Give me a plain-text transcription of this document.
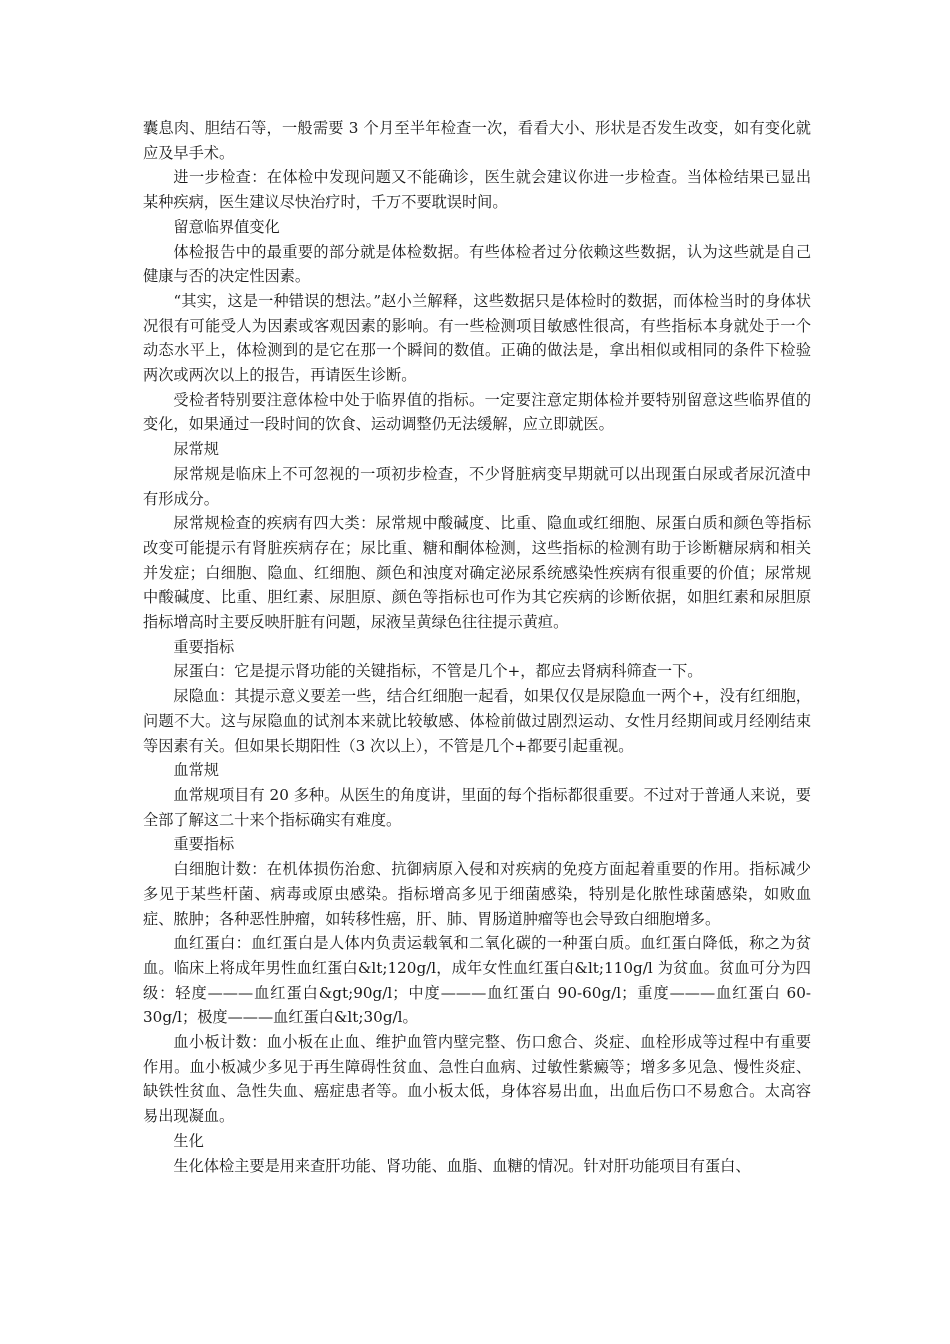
囊息肉、胆结石等，一般需要 3 个月至半年检查一次，看看大小、形状是否发生改变，如有变化就应及早手术。

进一步检查：在体检中发现问题又不能确诊，医生就会建议你进一步检查。当体检结果已显出某种疾病，医生建议尽快治疗时，千万不要耽误时间。

留意临界值变化

体检报告中的最重要的部分就是体检数据。有些体检者过分依赖这些数据，认为这些就是自己健康与否的决定性因素。

“其实，这是一种错误的想法。”赵小兰解释，这些数据只是体检时的数据，而体检当时的身体状况很有可能受人为因素或客观因素的影响。有一些检测项目敏感性很高，有些指标本身就处于一个动态水平上，体检测到的是它在那一个瞬间的数值。正确的做法是，拿出相似或相同的条件下检验两次或两次以上的报告，再请医生诊断。

受检者特别要注意体检中处于临界值的指标。一定要注意定期体检并要特别留意这些临界值的变化，如果通过一段时间的饮食、运动调整仍无法缓解，应立即就医。

尿常规

尿常规是临床上不可忽视的一项初步检查，不少肾脏病变早期就可以出现蛋白尿或者尿沉渣中有形成分。

尿常规检查的疾病有四大类：尿常规中酸碱度、比重、隐血或红细胞、尿蛋白质和颜色等指标改变可能提示有肾脏疾病存在；尿比重、糖和酮体检测，这些指标的检测有助于诊断糖尿病和相关并发症；白细胞、隐血、红细胞、颜色和浊度对确定泌尿系统感染性疾病有很重要的价值；尿常规中酸碱度、比重、胆红素、尿胆原、颜色等指标也可作为其它疾病的诊断依据，如胆红素和尿胆原指标增高时主要反映肝脏有问题，尿液呈黄绿色往往提示黄疸。

重要指标

尿蛋白：它是提示肾功能的关键指标，不管是几个+，都应去肾病科筛查一下。

尿隐血：其提示意义要差一些，结合红细胞一起看，如果仅仅是尿隐血一两个+，没有红细胞，问题不大。这与尿隐血的试剂本来就比较敏感、体检前做过剧烈运动、女性月经期间或月经刚结束等因素有关。但如果长期阳性（3 次以上），不管是几个+都要引起重视。

血常规

血常规项目有 20 多种。从医生的角度讲，里面的每个指标都很重要。不过对于普通人来说，要全部了解这二十来个指标确实有难度。

重要指标

白细胞计数：在机体损伤治愈、抗御病原入侵和对疾病的免疫方面起着重要的作用。指标减少多见于某些杆菌、病毒或原虫感染。指标增高多见于细菌感染，特别是化脓性球菌感染，如败血症、脓肿；各种恶性肿瘤，如转移性癌，肝、肺、胃肠道肿瘤等也会导致白细胞增多。

血红蛋白：血红蛋白是人体内负责运载氧和二氧化碳的一种蛋白质。血红蛋白降低，称之为贫血。临床上将成年男性血红蛋白&lt;120g/l，成年女性血红蛋白&lt;110g/l 为贫血。贫血可分为四级：轻度———血红蛋白&gt;90g/l；中度———血红蛋白 90-60g/l；重度———血红蛋白 60-30g/l；极度———血红蛋白&lt;30g/l。

血小板计数：血小板在止血、维护血管内壁完整、伤口愈合、炎症、血栓形成等过程中有重要作用。血小板减少多见于再生障碍性贫血、急性白血病、过敏性紫癜等；增多多见急、慢性炎症、缺铁性贫血、急性失血、癌症患者等。血小板太低，身体容易出血，出血后伤口不易愈合。太高容易出现凝血。

生化

生化体检主要是用来查肝功能、肾功能、血脂、血糖的情况。针对肝功能项目有蛋白、
